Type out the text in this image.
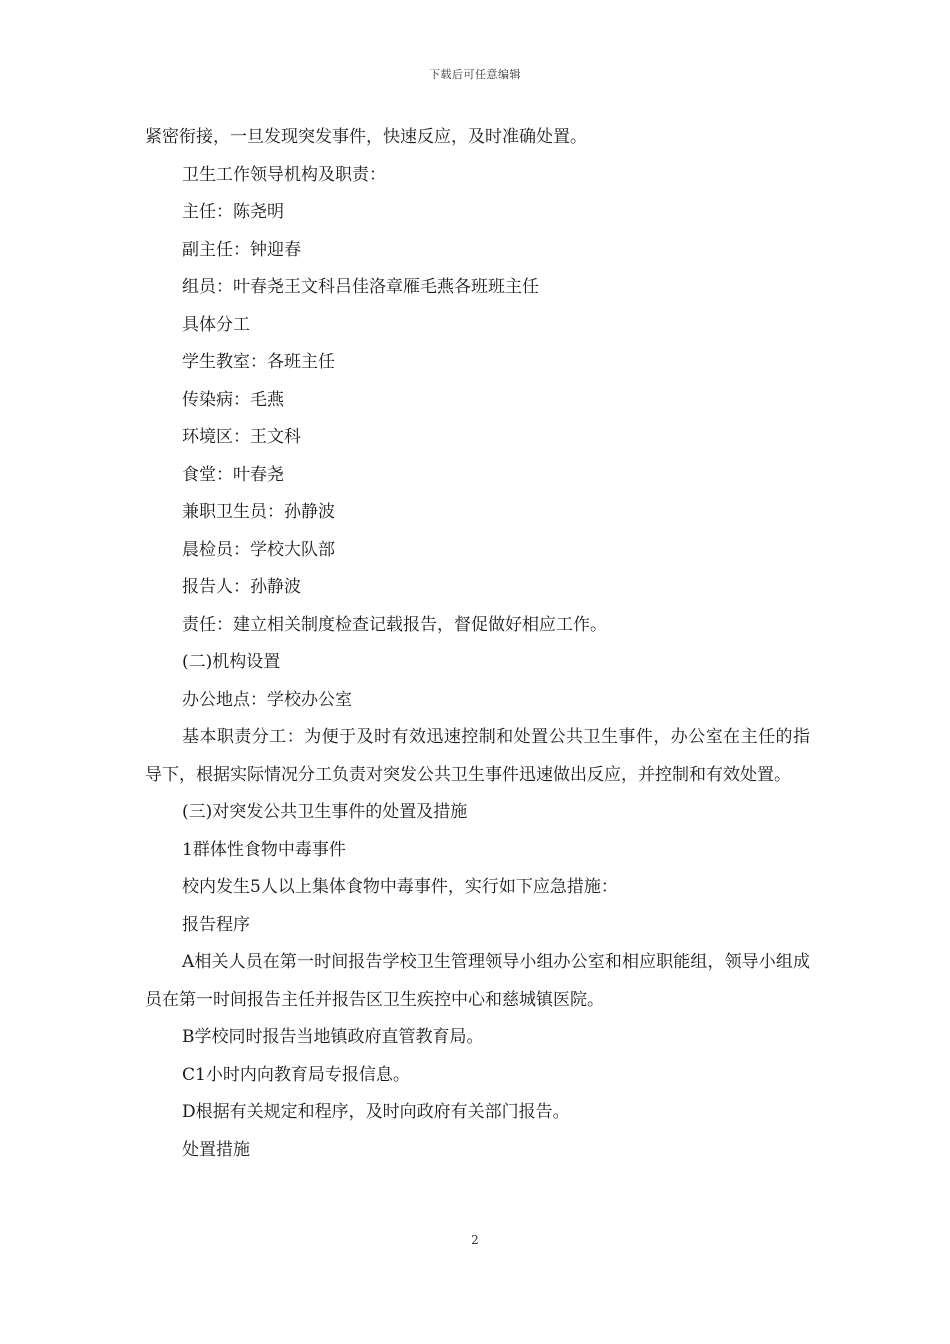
下载后可任意编辑

紧密衔接，一旦发现突发事件，快速反应，及时准确处置。

卫生工作领导机构及职责：

主任：陈尧明

副主任：钟迎春

组员：叶春尧王文科吕佳洛章雁毛燕各班班主任

具体分工

学生教室：各班主任

传染病：毛燕

环境区：王文科

食堂：叶春尧

兼职卫生员：孙静波

晨检员：学校大队部

报告人：孙静波

责任：建立相关制度检查记载报告，督促做好相应工作。

(二)机构设置

办公地点：学校办公室

基本职责分工：为便于及时有效迅速控制和处置公共卫生事件，办公室在主任的指导下，根据实际情况分工负责对突发公共卫生事件迅速做出反应，并控制和有效处置。

(三)对突发公共卫生事件的处置及措施

1群体性食物中毒事件

校内发生5人以上集体食物中毒事件，实行如下应急措施：

报告程序

A相关人员在第一时间报告学校卫生管理领导小组办公室和相应职能组，领导小组成员在第一时间报告主任并报告区卫生疾控中心和慈城镇医院。

B学校同时报告当地镇政府直管教育局。

C1小时内向教育局专报信息。

D根据有关规定和程序，及时向政府有关部门报告。

处置措施

2
